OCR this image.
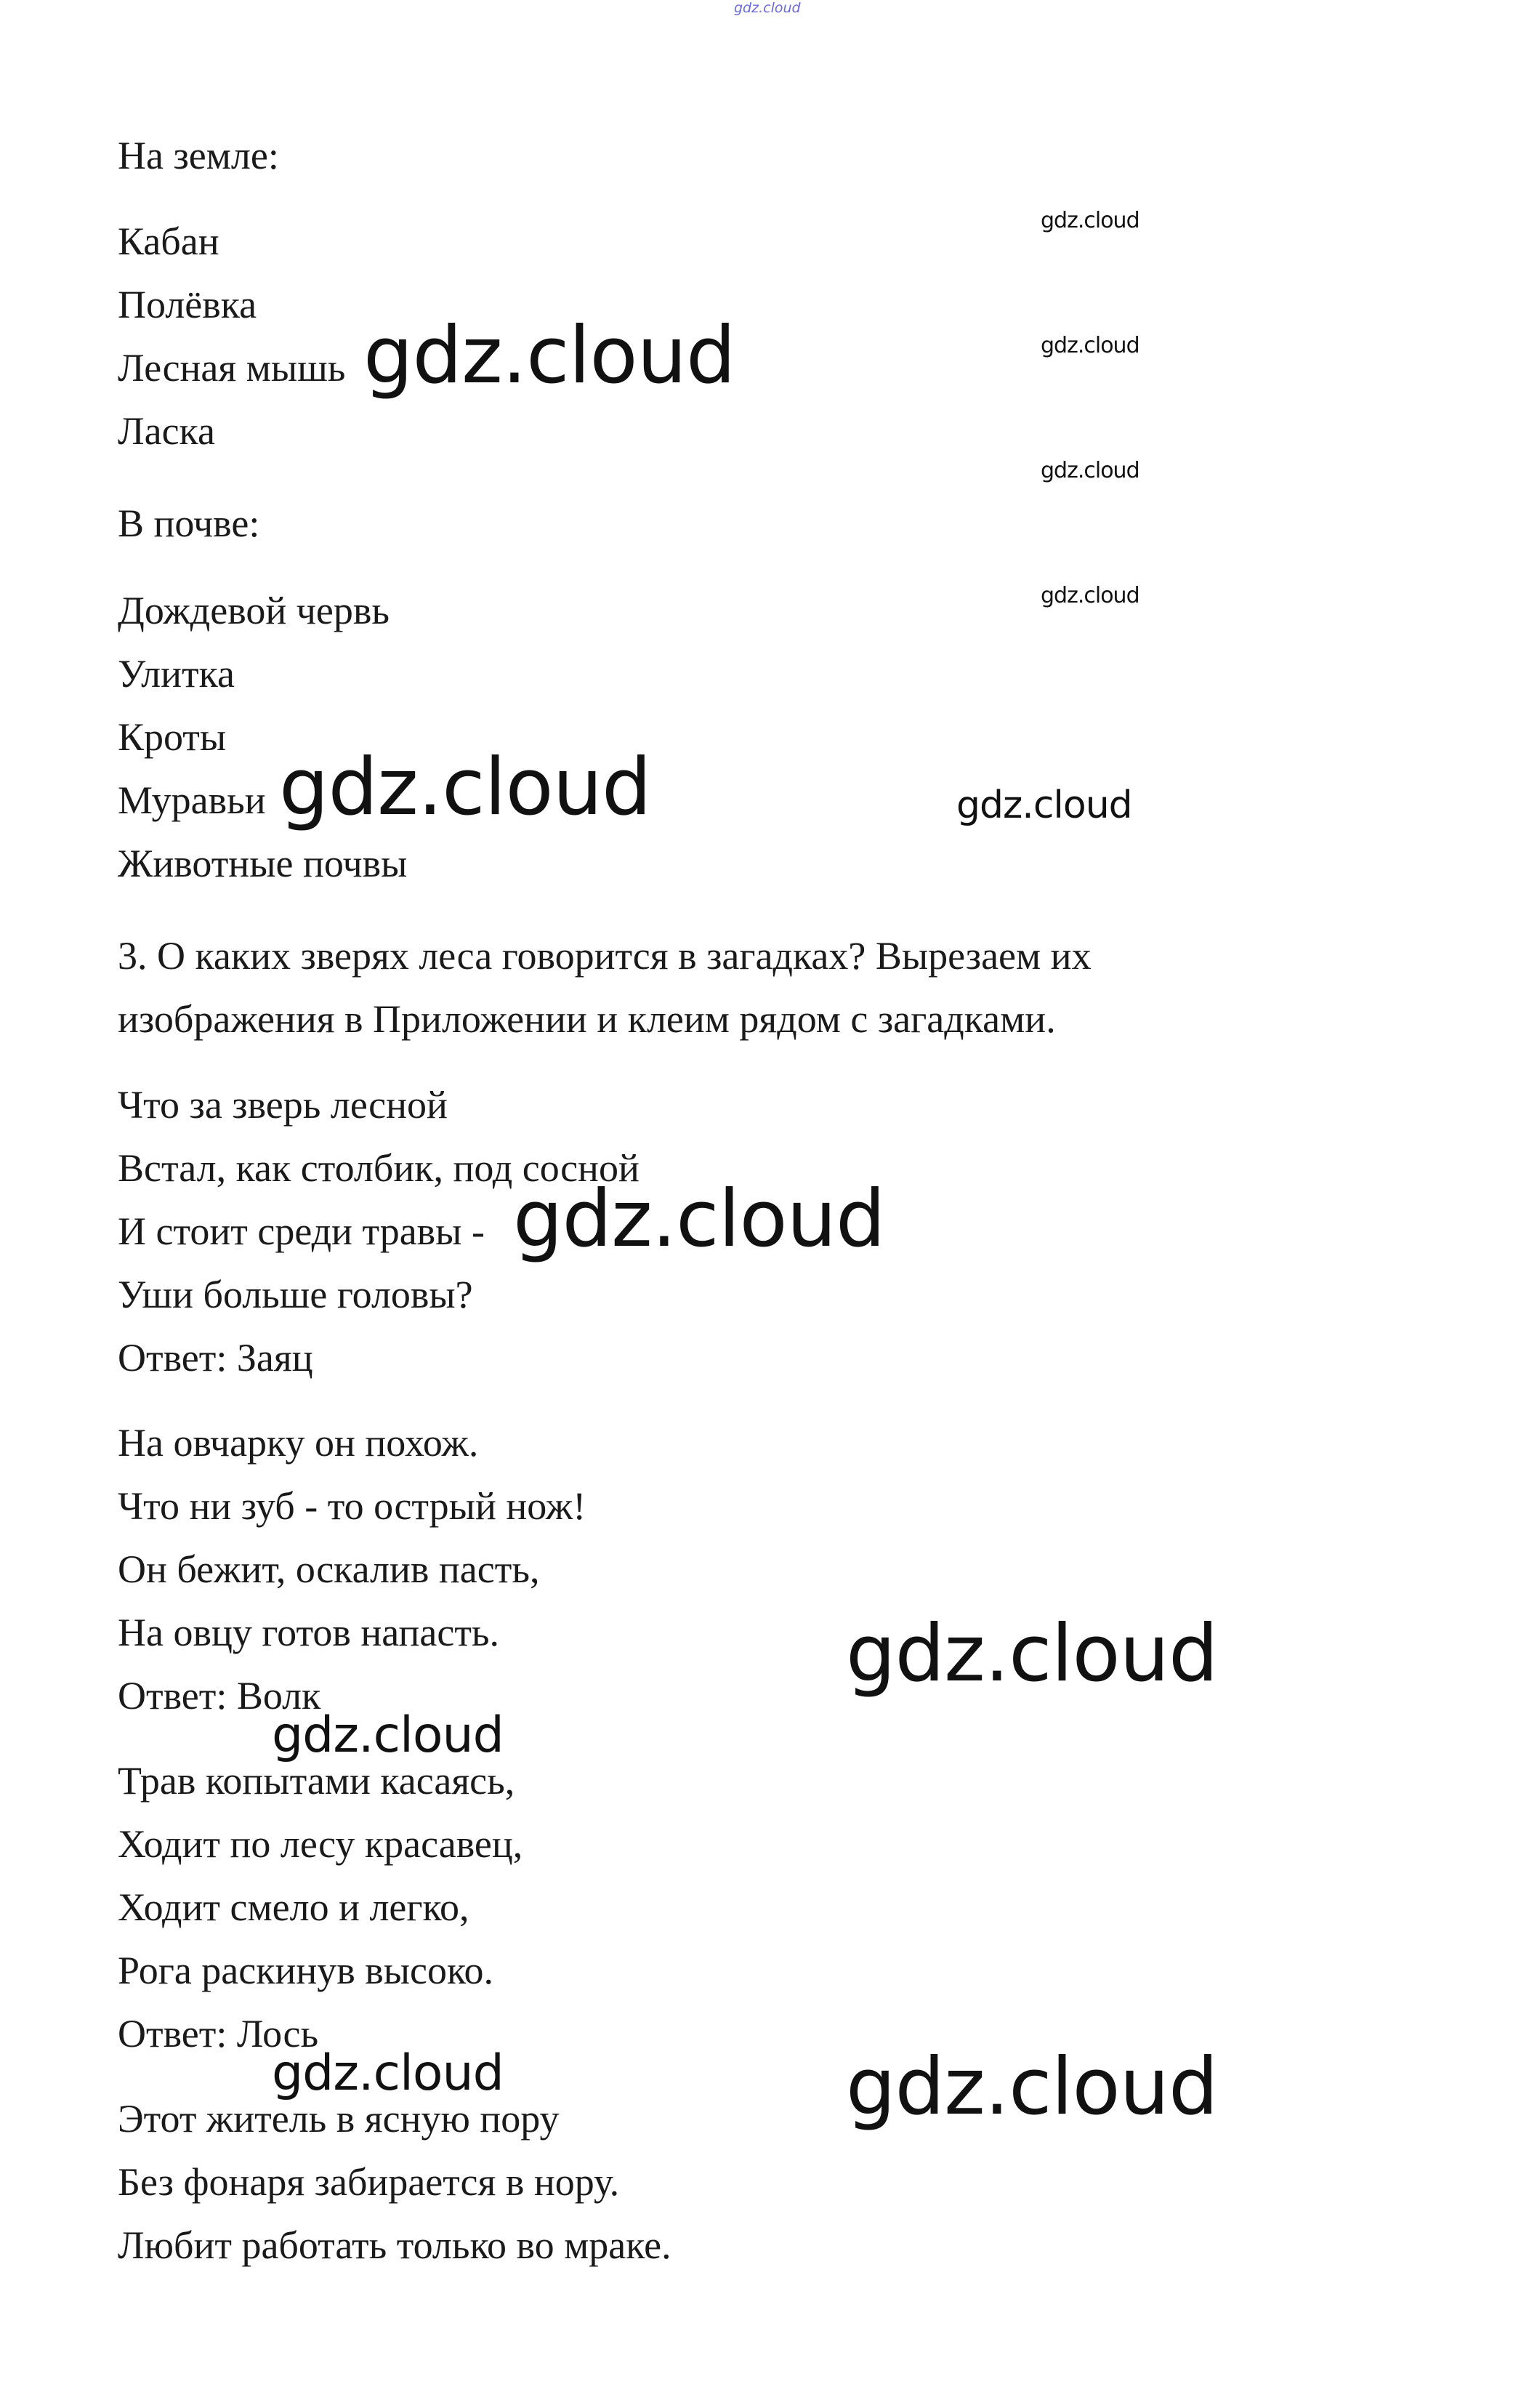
gdz.cloud
На земле:
Кабан
Полёвка
Лесная мышь
Ласка
В почве:
Дождевой червь
Улитка
Кроты
Муравьи
Животные почвы
3. О каких зверях леса говорится в загадках? Вырезаем их
изображения в Приложении и клеим рядом с загадками.
Что за зверь лесной
Встал, как столбик, под сосной
И стоит среди травы -
Уши больше головы?
Ответ: Заяц
На овчарку он похож.
Что ни зуб - то острый нож!
Он бежит, оскалив пасть,
На овцу готов напасть.
Ответ: Волк
Трав копытами касаясь,
Ходит по лесу красавец,
Ходит смело и легко,
Рога раскинув высоко.
Ответ: Лось
Этот житель в ясную пору
Без фонаря забирается в нору.
Любит работать только во мраке.
gdz.cloud
gdz.cloud
gdz.cloud
gdz.cloud
gdz.cloud
gdz.cloud	gdz.cloud
gdz.cloud
gdz.cloud
gdz.cloud
gdz.cloud	gdz.cloud
